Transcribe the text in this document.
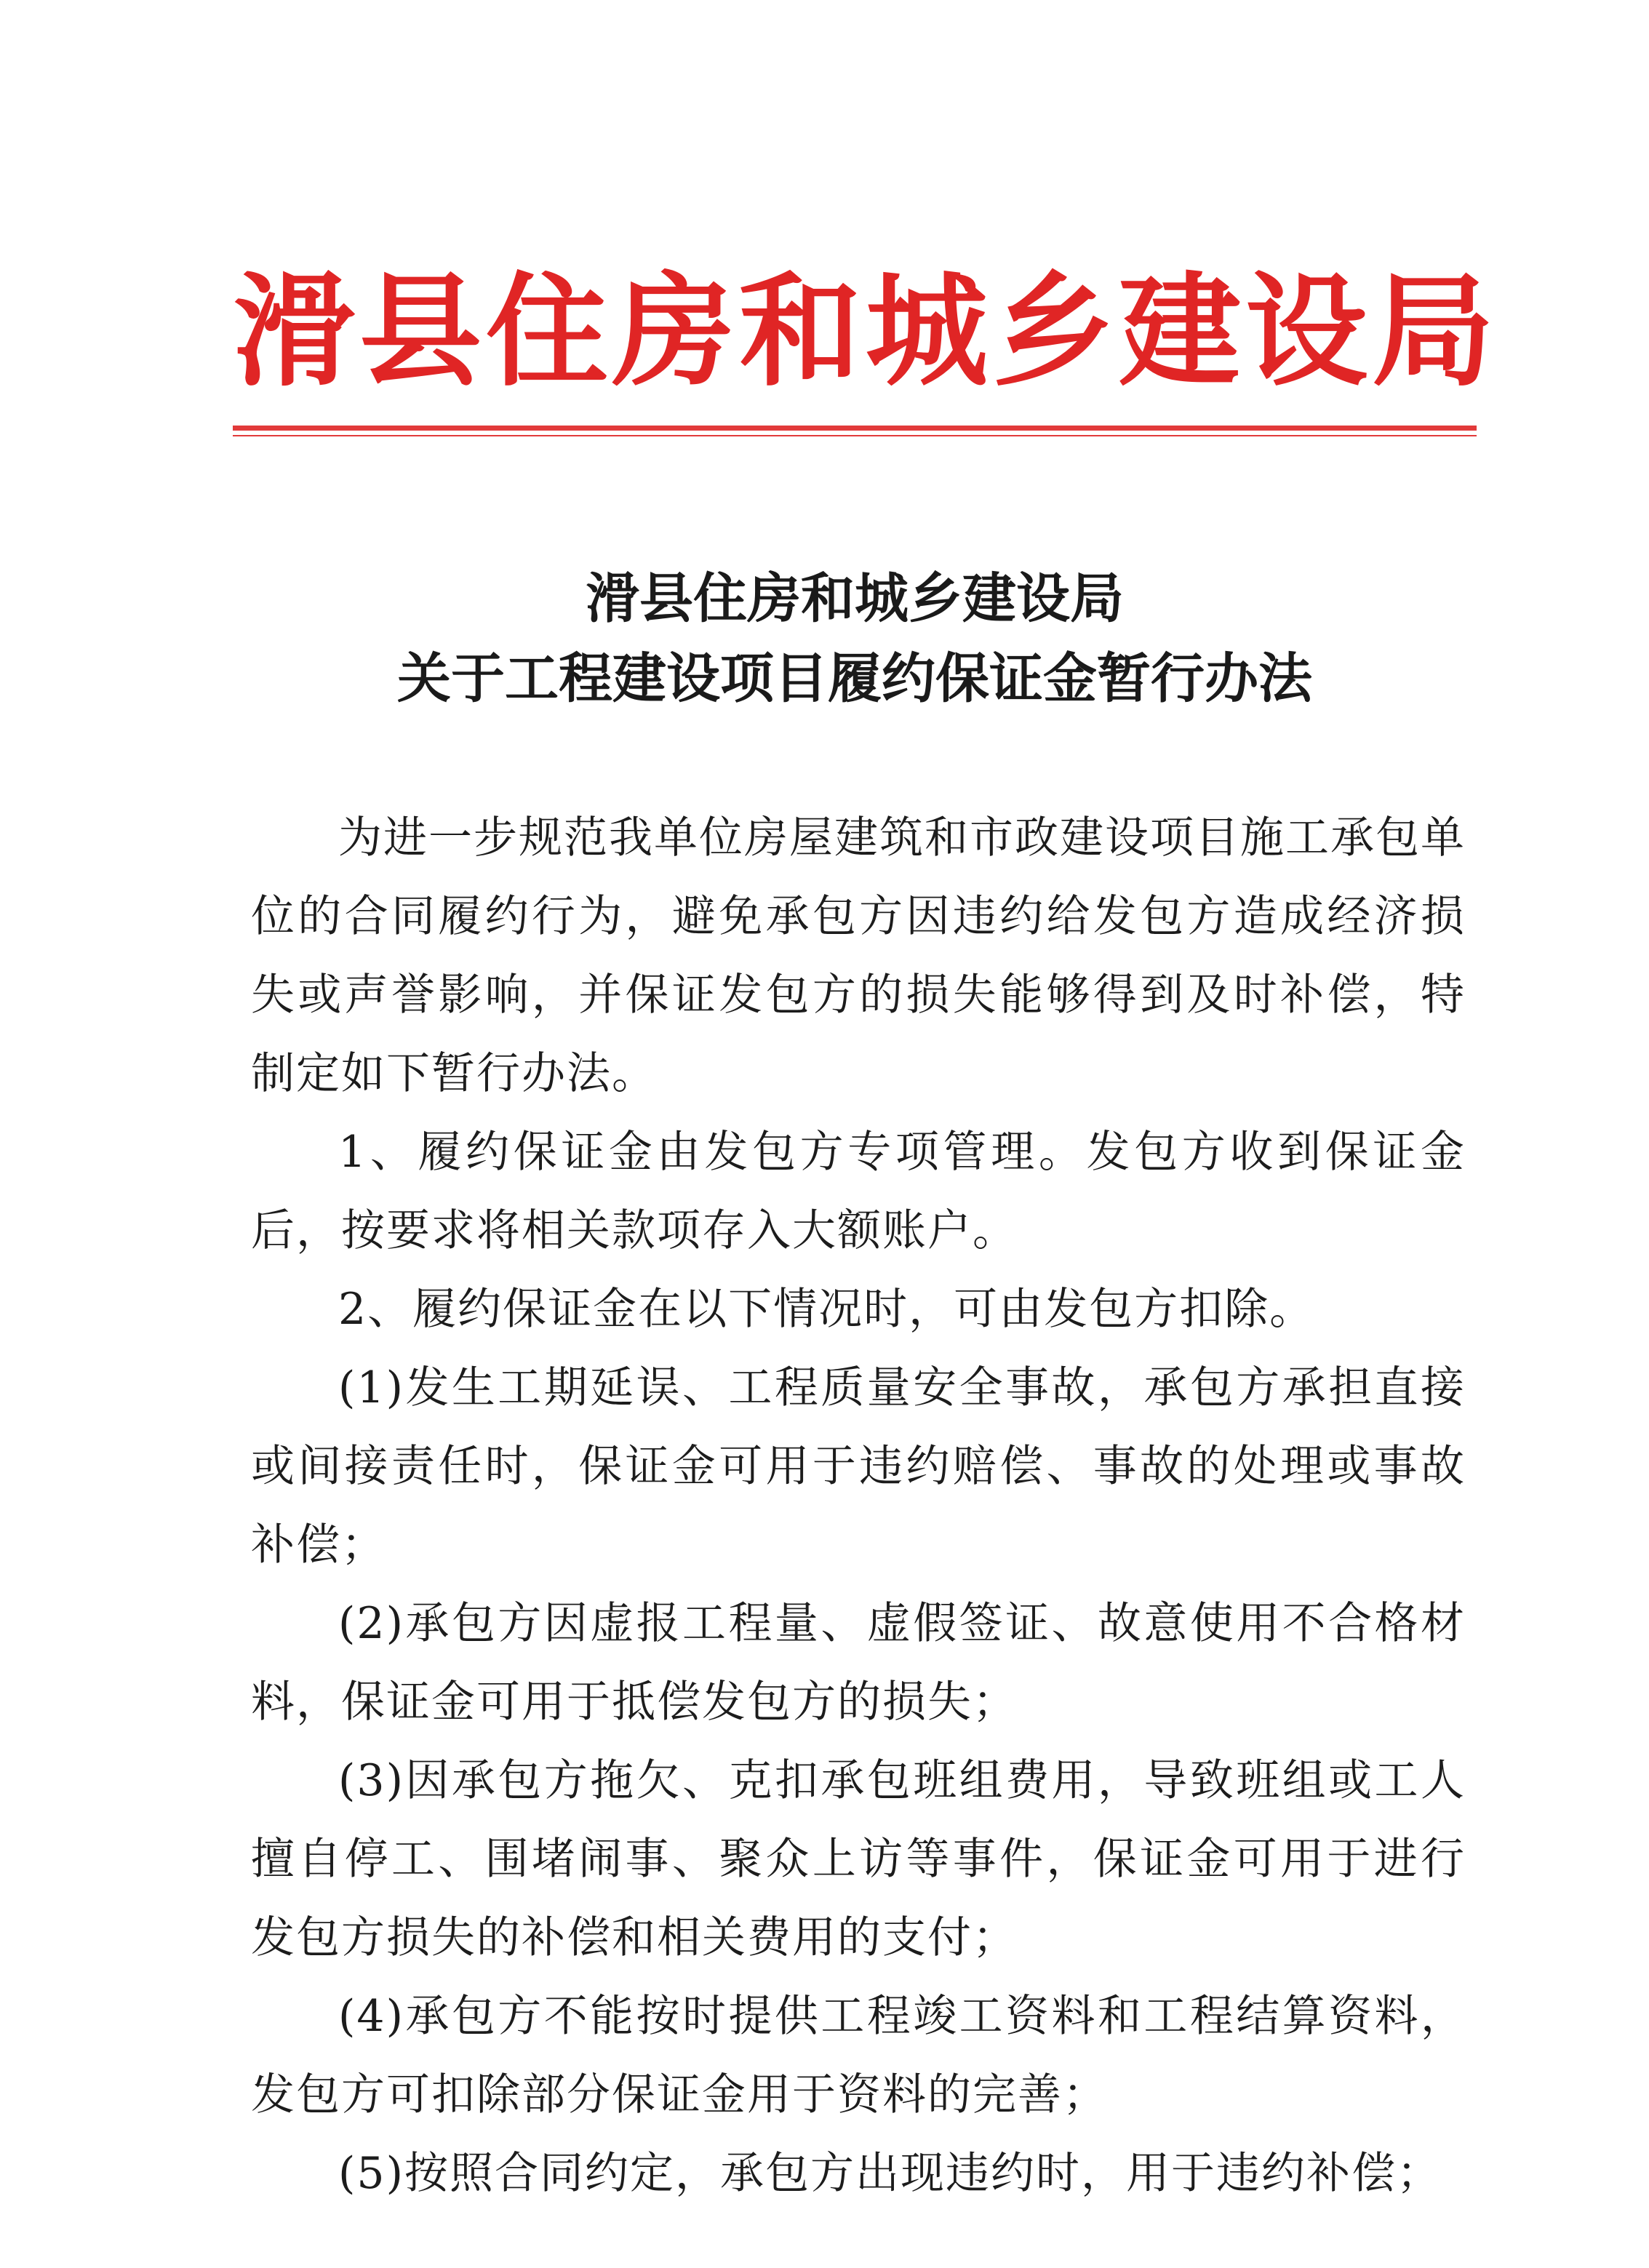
滑县住房和城乡建设局
滑县住房和城乡建设局
关于工程建设项目履约保证金暂行办法

为进一步规范我单位房屋建筑和市政建设项目施工承包单位的合同履约行为，避免承包方因违约给发包方造成经济损失或声誉影响，并保证发包方的损失能够得到及时补偿，特制定如下暂行办法。

1、履约保证金由发包方专项管理。发包方收到保证金后，按要求将相关款项存入大额账户。

2、履约保证金在以下情况时，可由发包方扣除。

(1)发生工期延误、工程质量安全事故，承包方承担直接或间接责任时，保证金可用于违约赔偿、事故的处理或事故补偿；

(2)承包方因虚报工程量、虚假签证、故意使用不合格材料，保证金可用于抵偿发包方的损失；

(3)因承包方拖欠、克扣承包班组费用，导致班组或工人擅自停工、围堵闹事、聚众上访等事件，保证金可用于进行发包方损失的补偿和相关费用的支付；

(4)承包方不能按时提供工程竣工资料和工程结算资料，发包方可扣除部分保证金用于资料的完善；

(5)按照合同约定，承包方出现违约时，用于违约补偿；
